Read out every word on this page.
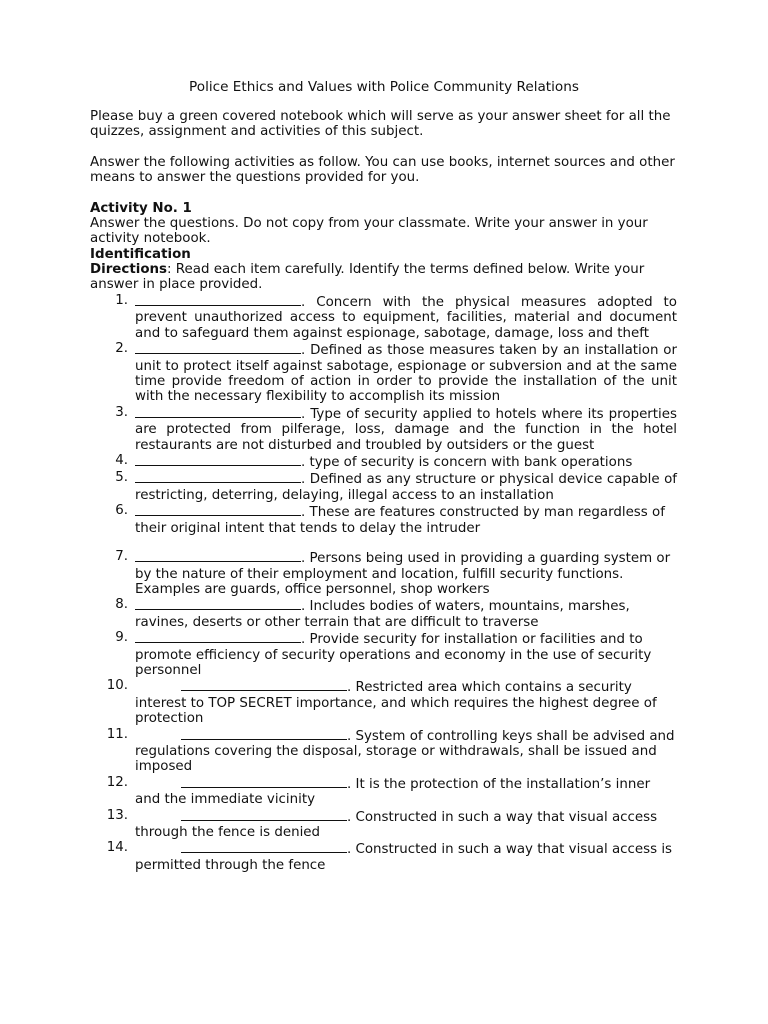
Police Ethics and Values with Police Community Relations
Please buy a green covered notebook which will serve as your answer sheet for all the quizzes, assignment and activities of this subject.
Answer the following activities as follow. You can use books, internet sources and other means to answer the questions provided for you.
Activity No. 1
Answer the questions. Do not copy from your classmate. Write your answer in your activity notebook.
Identification
Directions: Read each item carefully. Identify the terms defined below. Write your answer in place provided.
1.	. Concern with the physical measures adopted to prevent unauthorized access to equipment, facilities, material and document and to safeguard them against espionage, sabotage, damage, loss and theft
2.	. Defined as those measures taken by an installation or unit to protect itself against sabotage, espionage or subversion and at the same time provide freedom of action in order to provide the installation of the unit with the necessary flexibility to accomplish its mission
3.	. Type of security applied to hotels where its properties are protected from pilferage, loss, damage and the function in the hotel restaurants are not disturbed and troubled by outsiders or the guest
4.	. type of security is concern with bank operations
5.	. Defined as any structure or physical device capable of restricting, deterring, delaying, illegal access to an installation
6.	. These are features constructed by man regardless of their original intent that tends to delay the intruder
7.	. Persons being used in providing a guarding system or by the nature of their employment and location, fulfill security functions. Examples are guards, office personnel, shop workers
8.	. Includes bodies of waters, mountains, marshes, ravines, deserts or other terrain that are difficult to traverse
9.	. Provide security for installation or facilities and to promote efficiency of security operations and economy in the use of security personnel
10.	. Restricted area which contains a security interest to TOP SECRET importance, and which requires the highest degree of protection
11.	. System of controlling keys shall be advised and regulations covering the disposal, storage or withdrawals, shall be issued and imposed
12.	. It is the protection of the installation’s inner and the immediate vicinity
13.	. Constructed in such a way that visual access through the fence is denied
14.	. Constructed in such a way that visual access is permitted through the fence
